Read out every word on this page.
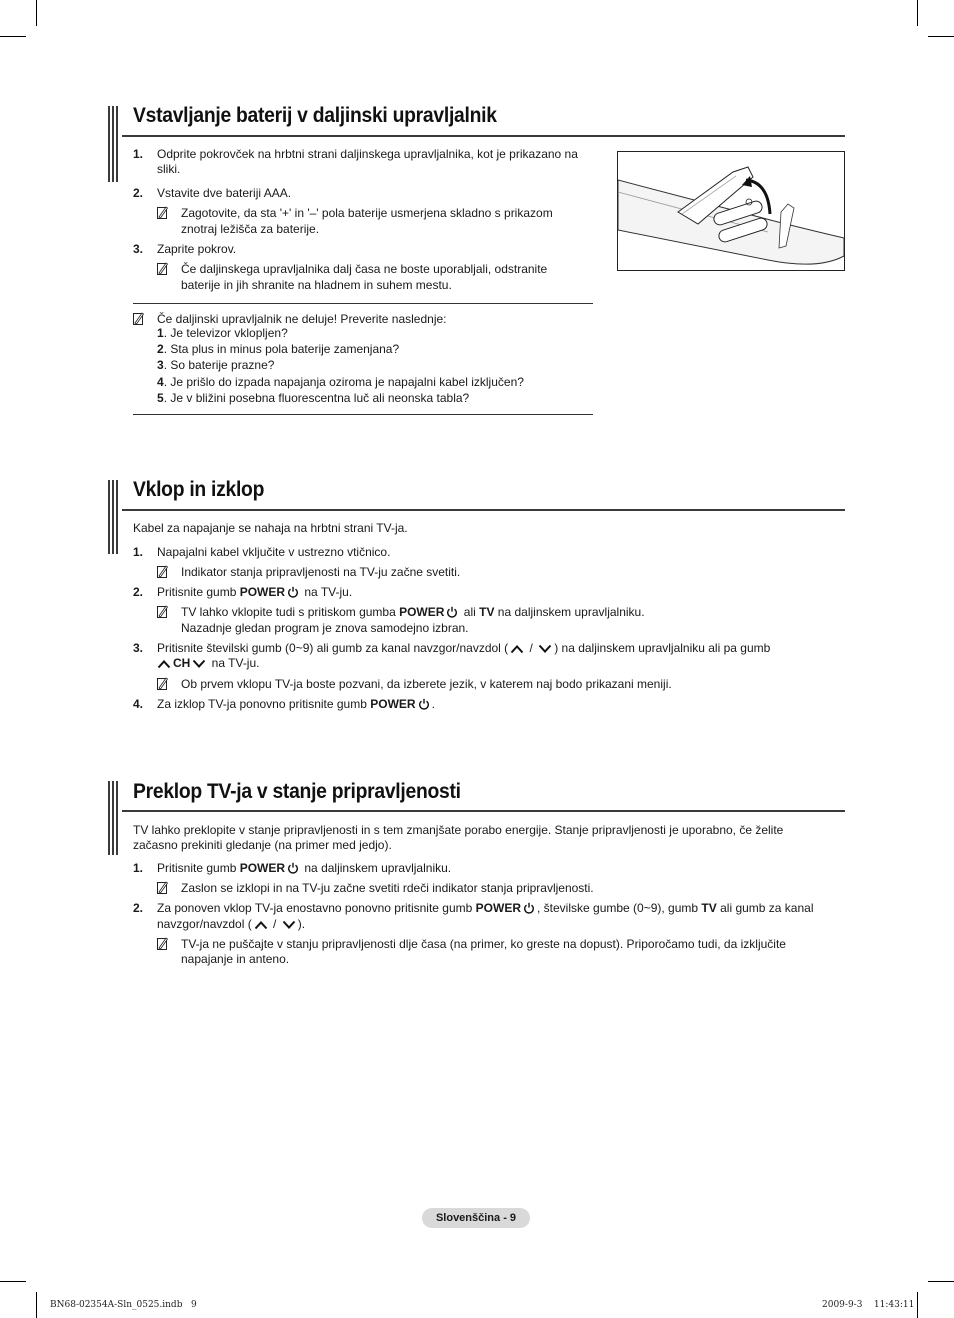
Vstavljanje baterij v daljinski upravljalnik
1. Odprite pokrovček na hrbtni strani daljinskega upravljalnika, kot je prikazano na
sliki.
2. Vstavite dve bateriji AAA.
Zagotovite, da sta '+' in '–' pola baterije usmerjena skladno s prikazom
znotraj ležišča za baterije.
3. Zaprite pokrov.
Če daljinskega upravljalnika dalj časa ne boste uporabljali, odstranite
baterije in jih shranite na hladnem in suhem mestu.
Če daljinski upravljalnik ne deluje! Preverite naslednje:
1. Je televizor vklopljen?
2. Sta plus in minus pola baterije zamenjana?
3. So baterije prazne?
4. Je prišlo do izpada napajanja oziroma je napajalni kabel izključen?
5. Je v bližini posebna fluorescentna luč ali neonska tabla?
Vklop in izklop
Kabel za napajanje se nahaja na hrbtni strani TV-ja.
1. Napajalni kabel vključite v ustrezno vtičnico.
Indikator stanja pripravljenosti na TV-ju začne svetiti.
2. Pritisnite gumb POWER na TV-ju.
TV lahko vklopite tudi s pritiskom gumba POWER ali TV na daljinskem upravljalniku.
Nazadnje gledan program je znova samodejno izbran.
3. Pritisnite številski gumb (0~9) ali gumb za kanal navzgor/navzdol ( / ) na daljinskem upravljalniku ali pa gumb
CH na TV-ju.
Ob prvem vklopu TV-ja boste pozvani, da izberete jezik, v katerem naj bodo prikazani meniji.
4. Za izklop TV-ja ponovno pritisnite gumb POWER .
Preklop TV-ja v stanje pripravljenosti
TV lahko preklopite v stanje pripravljenosti in s tem zmanjšate porabo energije. Stanje pripravljenosti je uporabno, če želite
začasno prekiniti gledanje (na primer med jedjo).
1. Pritisnite gumb POWER na daljinskem upravljalniku.
Zaslon se izklopi in na TV-ju začne svetiti rdeči indikator stanja pripravljenosti.
2. Za ponoven vklop TV-ja enostavno ponovno pritisnite gumb POWER , številske gumbe (0~9), gumb TV ali gumb za kanal
navzgor/navzdol ( / ).
TV-ja ne puščajte v stanju pripravljenosti dlje časa (na primer, ko greste na dopust). Priporočamo tudi, da izključite
napajanje in anteno.
Slovenščina - 9
BN68-02354A-Sln_0525.indb   9	2009-9-3    11:43:11
